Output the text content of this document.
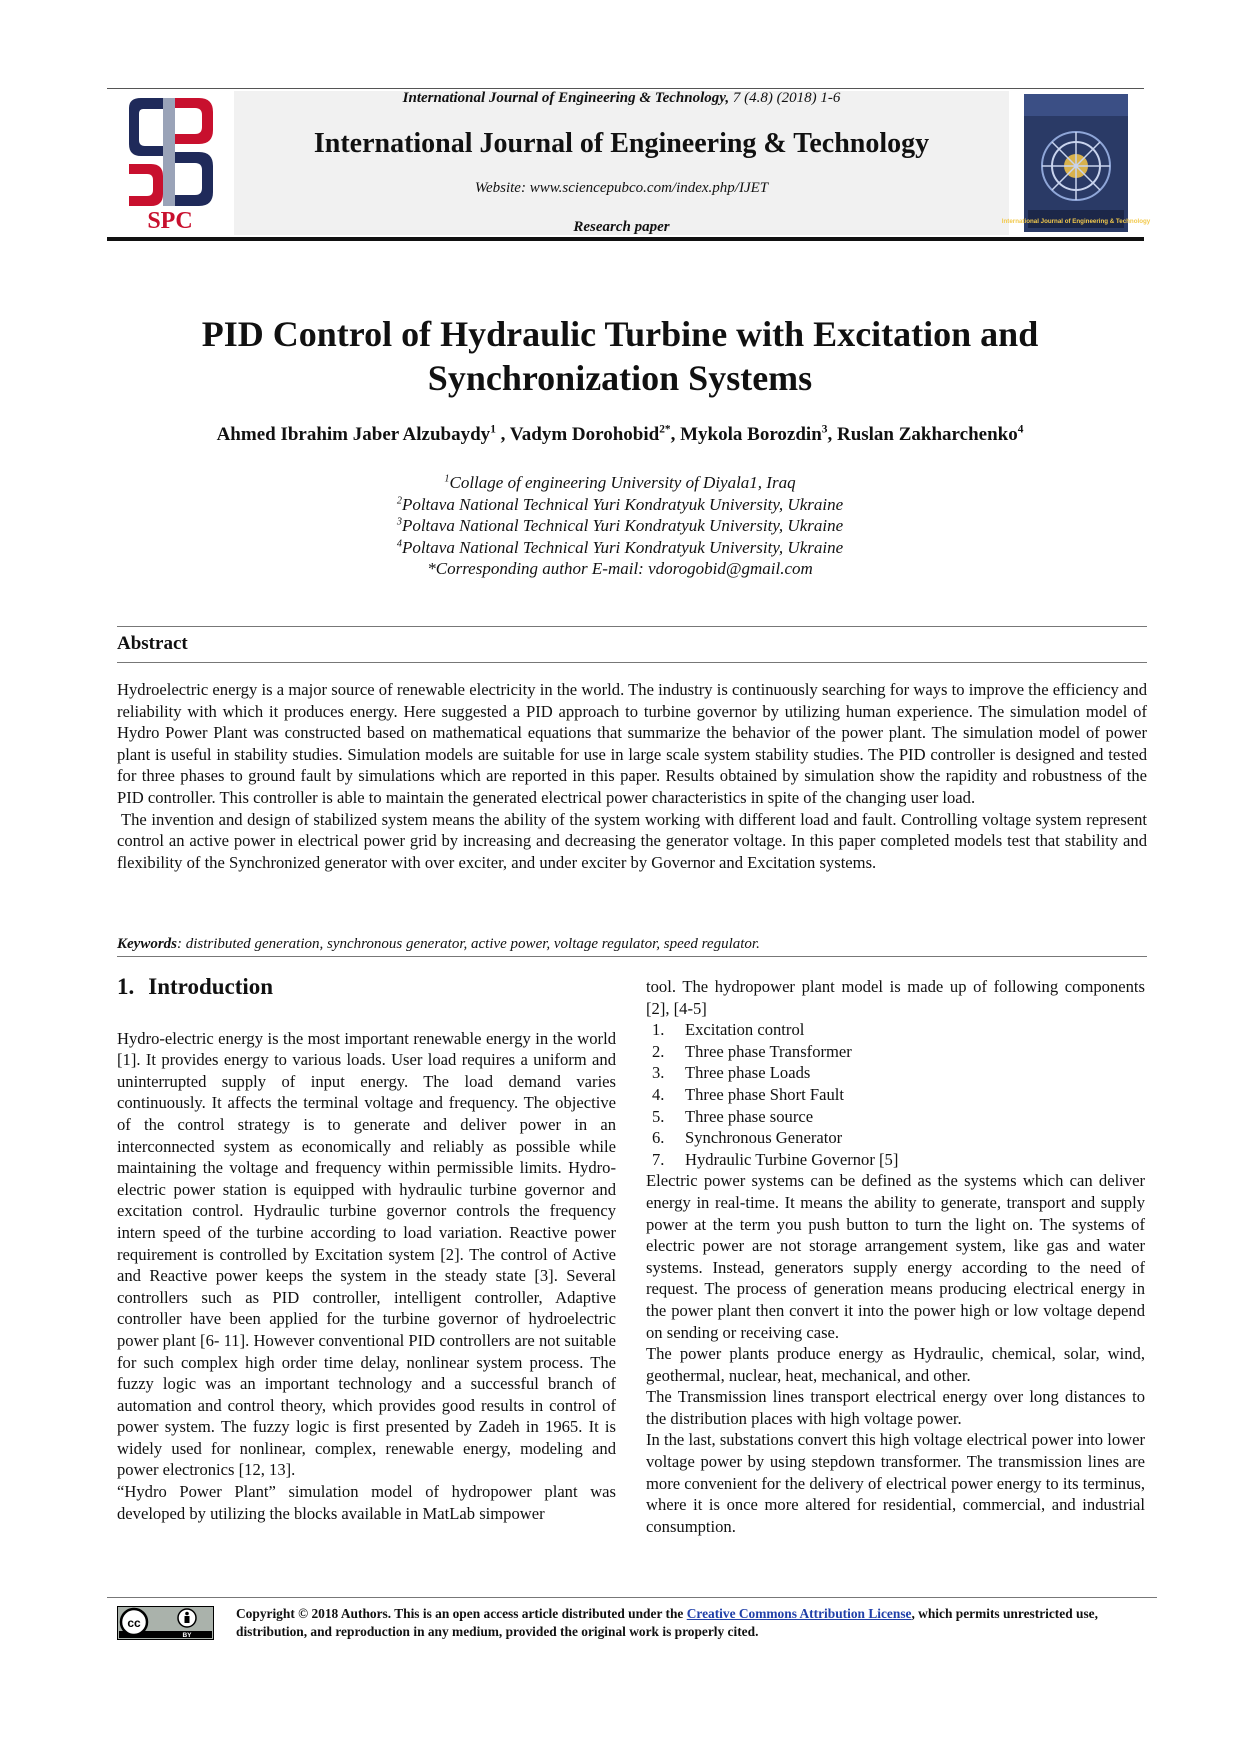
SPC
International Journal of Engineering & Technology, 7 (4.8) (2018) 1-6
International Journal of Engineering & Technology
Website: www.sciencepubco.com/index.php/IJET
Research paper	International Journal of Engineering & Technology
PID Control of Hydraulic Turbine with Excitation and
Synchronization Systems
Ahmed Ibrahim Jaber Alzubaydy$^1$ , Vadym Dorohobid$^{2*}$, Mykola Borozdin$^3$, Ruslan Zakharchenko$^4$
$^1$Collage of engineering University of Diyala1, Iraq
$^2$Poltava National Technical Yuri Kondratyuk University, Ukraine
$^3$Poltava National Technical Yuri Kondratyuk University, Ukraine
$^4$Poltava National Technical Yuri Kondratyuk University, Ukraine
*Corresponding author E-mail: vdorogobid@gmail.com
Abstract

Hydroelectric energy is a major source of renewable electricity in the world. The industry is continuously searching for ways to improve the efficiency and reliability with which it produces energy. Here suggested a PID approach to turbine governor by utilizing human experience. The simulation model of Hydro Power Plant was constructed based on mathematical equations that summarize the behavior of the power plant. The simulation model of power plant is useful in stability studies. Simulation models are suitable for use in large scale system stability studies. The PID controller is designed and tested for three phases to ground fault by simulations which are reported in this paper. Results obtained by simulation show the rapidity and robustness of the PID controller. This controller is able to maintain the generated electrical power characteristics in spite of the changing user load.

The invention and design of stabilized system means the ability of the system working with different load and fault. Controlling voltage system represent control an active power in electrical power grid by increasing and decreasing the generator voltage. In this paper completed models test that stability and flexibility of the Synchronized generator with over exciter, and under exciter by Governor and Excitation systems.

Keywords: distributed generation, synchronous generator, active power, voltage regulator, speed regulator.
1. Introduction

Hydro-electric energy is the most important renewable energy in the world [1]. It provides energy to various loads. User load requires a uniform and uninterrupted supply of input energy. The load demand varies continuously. It affects the terminal voltage and frequency. The objective of the control strategy is to generate and deliver power in an interconnected system as economically and reliably as possible while maintaining the voltage and frequency within permissible limits. Hydro-electric power station is equipped with hydraulic turbine governor and excitation control. Hydraulic turbine governor controls the frequency intern speed of the turbine according to load variation. Reactive power requirement is controlled by Excitation system [2]. The control of Active and Reactive power keeps the system in the steady state [3]. Several controllers such as PID controller, intelligent controller, Adaptive controller have been applied for the turbine governor of hydroelectric power plant [6- 11]. However conventional PID controllers are not suitable for such complex high order time delay, nonlinear system process. The fuzzy logic was an important technology and a successful branch of automation and control theory, which provides good results in control of power system. The fuzzy logic is first presented by Zadeh in 1965. It is widely used for nonlinear, complex, renewable energy, modeling and power electronics [12, 13].

“Hydro Power Plant” simulation model of hydropower plant was developed by utilizing the blocks available in MatLab simpower

tool. The hydropower plant model is made up of following components [2], [4-5]

1.	Excitation control
2.	Three phase Transformer
3.	Three phase Loads
4.	Three phase Short Fault
5.	Three phase source
6.	Synchronous Generator
7.	Hydraulic Turbine Governor [5]

Electric power systems can be defined as the systems which can deliver energy in real-time. It means the ability to generate, transport and supply power at the term you push button to turn the light on. The systems of electric power are not storage arrangement system, like gas and water systems. Instead, generators supply energy according to the need of request. The process of generation means producing electrical energy in the power plant then convert it into the power high or low voltage depend on sending or receiving case.

The power plants produce energy as Hydraulic, chemical, solar, wind, geothermal, nuclear, heat, mechanical, and other.

The Transmission lines transport electrical energy over long distances to the distribution places with high voltage power.

In the last, substations convert this high voltage electrical power into lower voltage power by using stepdown transformer. The transmission lines are more convenient for the delivery of electrical power energy to its terminus, where it is once more altered for residential, commercial, and industrial consumption.

cc
BY
Copyright © 2018 Authors. This is an open access article distributed under the Creative Commons Attribution License, which permits unrestricted use, distribution, and reproduction in any medium, provided the original work is properly cited.
